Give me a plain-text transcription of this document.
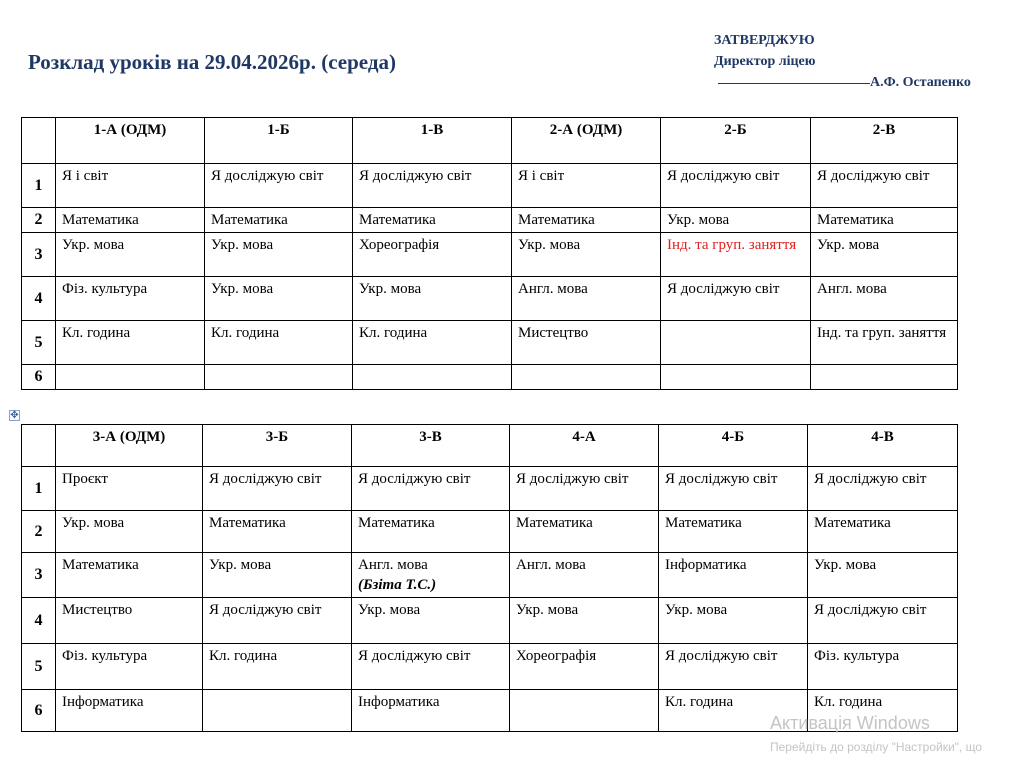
Розклад уроків на 29.04.2026р. (середа)
ЗАТВЕРДЖУЮ
Директор ліцею
А.Ф. Остапенко
	1-А (ОДМ)	1-Б	1-В	2-А (ОДМ)	2-Б	2-В
1	Я і світ	Я досліджую світ	Я досліджую світ	Я і світ	Я досліджую світ	Я досліджую світ

2	Математика	Математика	Математика	Математика	Укр. мова	Математика

3	Укр. мова	Укр. мова	Хореографія	Укр. мова	Інд. та груп. заняття	Укр. мова

4	Фіз. культура	Укр. мова	Укр. мова	Англ. мова	Я досліджую світ	Англ. мова

5	Кл. година	Кл. година	Кл. година	Мистецтво		Інд. та груп. заняття

6	

✥
	3-А (ОДМ)	3-Б	3-В	4-А	4-Б	4-В
1	Проєкт	Я досліджую світ	Я досліджую світ	Я досліджую світ	Я досліджую світ	Я досліджую світ

2	Укр. мова	Математика	Математика	Математика	Математика	Математика

3	Математика	Укр. мова	Англ. мова
(Бзіта Т.С.)	Англ. мова	Інформатика	Укр. мова

4	Мистецтво	Я досліджую світ	Укр. мова	Укр. мова	Укр. мова	Я досліджую світ

5	Фіз. культура	Кл. година	Я досліджую світ	Хореографія	Я досліджую світ	Фіз. культура

6	Інформатика		Інформатика		Кл. година	Кл. година
Активація Windows
Перейдіть до розділу "Настройки", що
